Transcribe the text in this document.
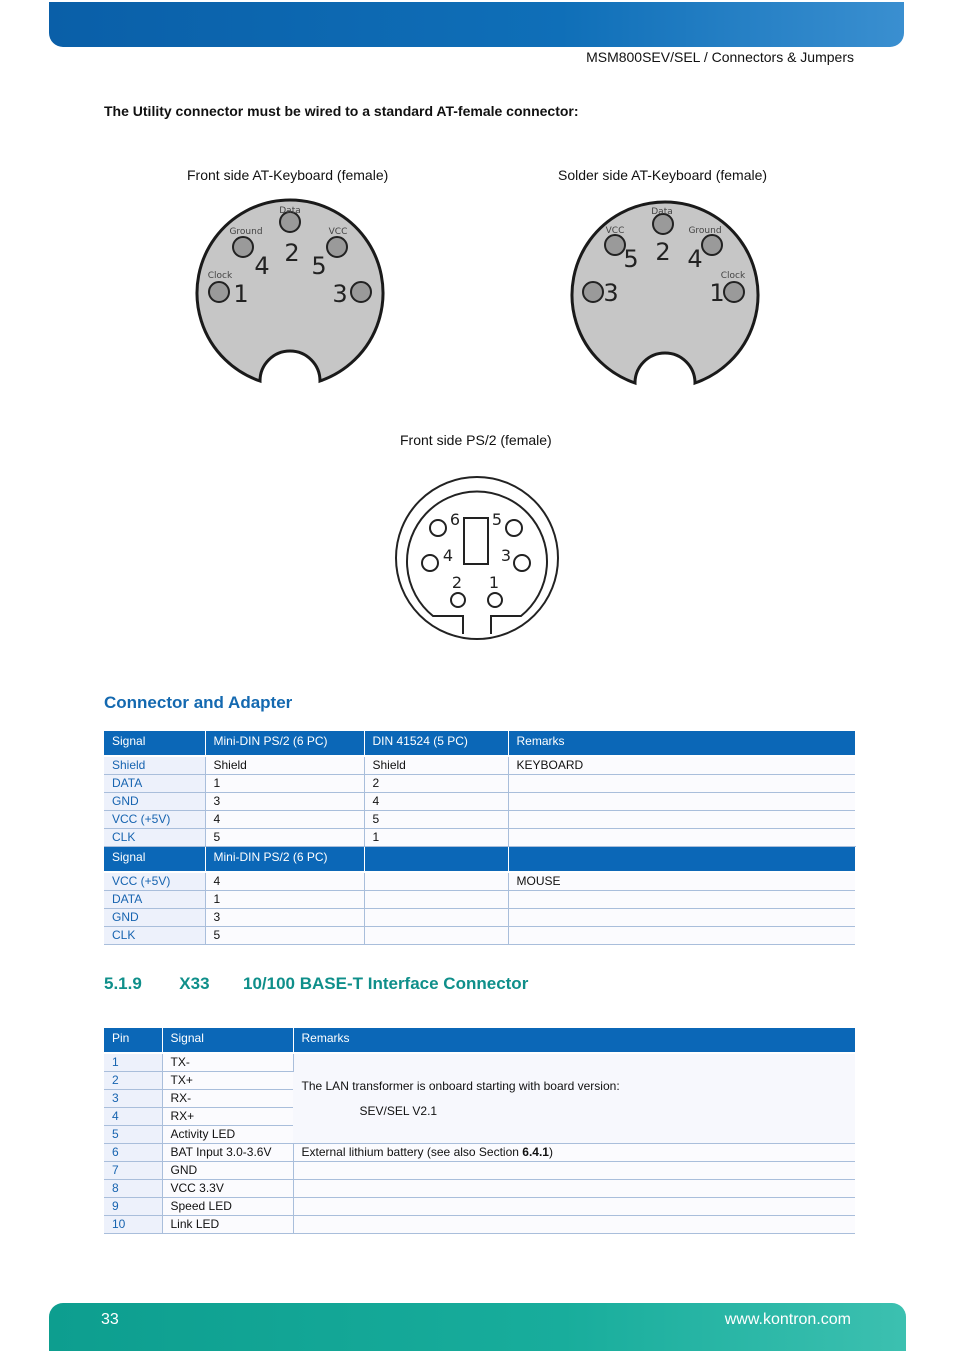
MSM800SEV/SEL / Connectors & Jumpers
The Utility connector must be wired to a standard AT-female connector:
Front side AT-Keyboard (female)	Solder side AT-Keyboard (female)
Front side PS/2 (female)
Data
Ground	VCC
Clock
2
4 5
1	3
Data
VCC	Ground
Clock
2
5 4
3	1
6 5
4	3
2 1
Connector and Adapter
Signal	Mini-DIN PS/2 (6 PC)	DIN 41524 (5 PC)	Remarks
Shield	Shield	Shield	KEYBOARD
DATA	1	2	
GND	3	4	
VCC (+5V)	4	5	
CLK	5	1	
Signal	Mini-DIN PS/2 (6 PC)		
VCC (+5V)	4		MOUSE
DATA	1		
GND	3		
CLK	5		
5.1.9 X33 10/100 BASE-T Interface Connector
Pin	Signal	Remarks
1	TX-	The LAN transformer is onboard starting with board version:
SEV/SEL V2.1

2	TX+	
3	RX-	
4	RX+	
5	Activity LED	
6	BAT Input 3.0-3.6V	External lithium battery (see also Section 6.4.1)
7	GND	
8	VCC 3.3V	
9	Speed LED	
10	Link LED	
33	www.kontron.com
